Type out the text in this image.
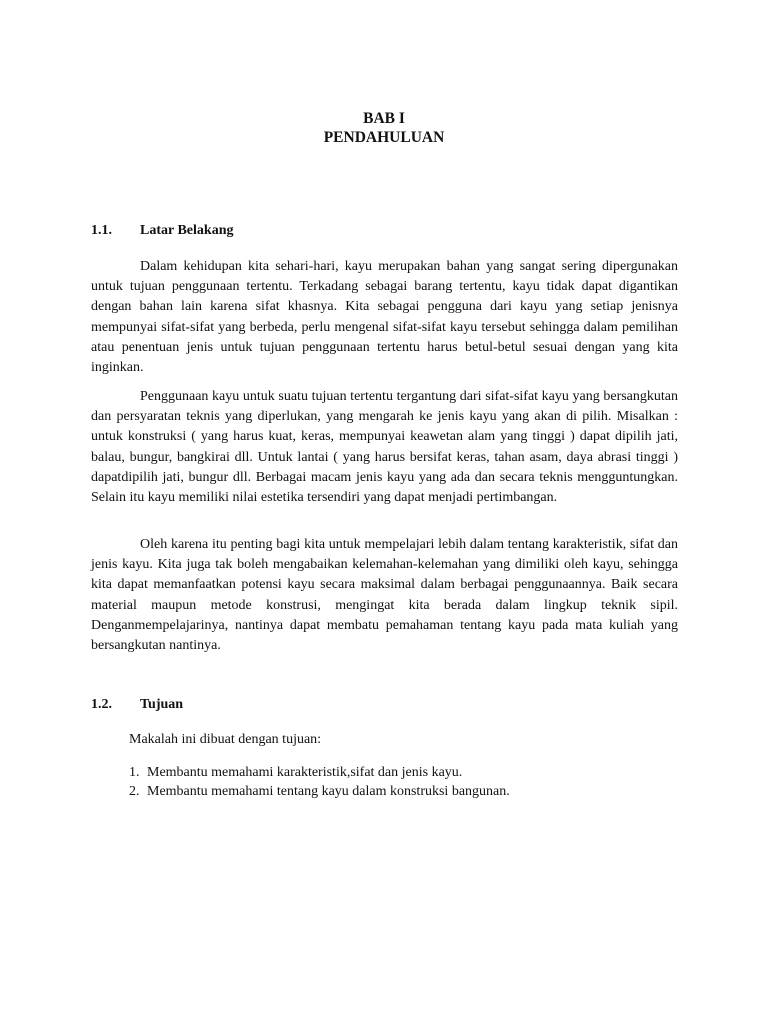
BAB I
PENDAHULUAN
1.1. Latar Belakang

Dalam kehidupan kita sehari-hari, kayu merupakan bahan yang sangat sering dipergunakan untuk tujuan penggunaan tertentu. Terkadang sebagai barang tertentu, kayu tidak dapat digantikan dengan bahan lain karena sifat khasnya. Kita sebagai pengguna dari kayu yang setiap jenisnya mempunyai sifat-sifat yang berbeda, perlu mengenal sifat-sifat kayu tersebut sehingga dalam pemilihan atau penentuan jenis untuk tujuan penggunaan tertentu harus betul-betul sesuai dengan yang kita inginkan.

Penggunaan kayu untuk suatu tujuan tertentu tergantung dari sifat-sifat kayu yang bersangkutan dan persyaratan teknis yang diperlukan, yang mengarah ke jenis kayu yang akan di pilih. Misalkan : untuk konstruksi ( yang harus kuat, keras, mempunyai keawetan alam yang tinggi ) dapat dipilih jati, balau, bungur, bangkirai dll. Untuk lantai ( yang harus bersifat keras, tahan asam, daya abrasi tinggi ) dapatdipilih jati, bungur dll. Berbagai macam jenis kayu yang ada dan secara teknis mengguntungkan. Selain itu kayu memiliki nilai estetika tersendiri yang dapat menjadi pertimbangan.

Oleh karena itu penting bagi kita untuk mempelajari lebih dalam tentang karakteristik, sifat dan jenis kayu. Kita juga tak boleh mengabaikan kelemahan-kelemahan yang dimiliki oleh kayu, sehingga kita dapat memanfaatkan potensi kayu secara maksimal dalam berbagai penggunaannya. Baik secara material maupun metode konstrusi, mengingat kita berada dalam lingkup teknik sipil. Denganmempelajarinya, nantinya dapat membatu pemahaman tentang kayu pada mata kuliah yang bersangkutan nantinya.

1.2. Tujuan
Makalah ini dibuat dengan tujuan:
1. Membantu memahami karakteristik,sifat dan jenis kayu.
2. Membantu memahami tentang kayu dalam konstruksi bangunan.
